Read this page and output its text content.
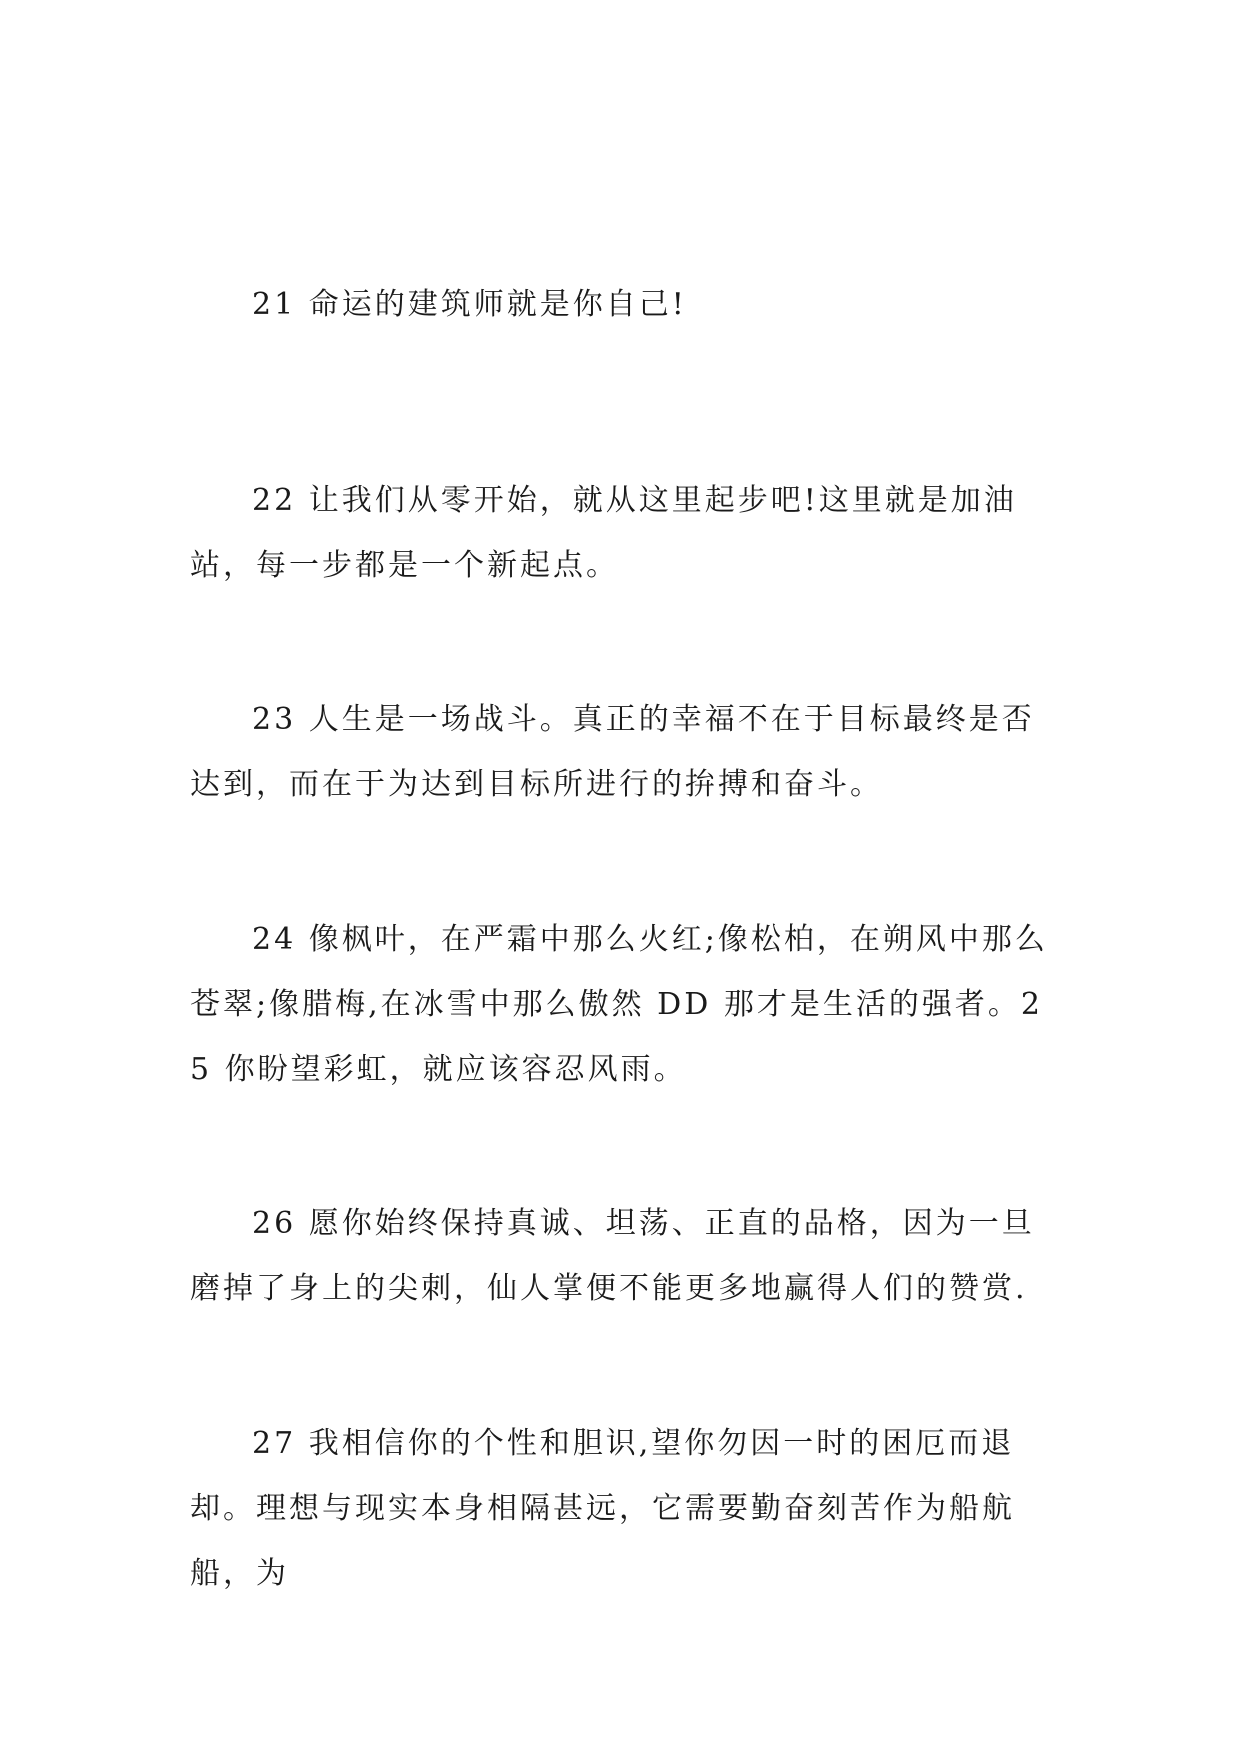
21 命运的建筑师就是你自己!

22 让我们从零开始，就从这里起步吧!这里就是加油站，每一步都是一个新起点。

23 人生是一场战斗。真正的幸福不在于目标最终是否达到，而在于为达到目标所进行的拚搏和奋斗。

24 像枫叶，在严霜中那么火红;像松柏，在朔风中那么苍翠;像腊梅,在冰雪中那么傲然 DD 那才是生活的强者。25 你盼望彩虹，就应该容忍风雨。

26 愿你始终保持真诚、坦荡、正直的品格，因为一旦磨掉了身上的尖刺，仙人掌便不能更多地赢得人们的赞赏.

27 我相信你的个性和胆识,望你勿因一时的困厄而退却。理想与现实本身相隔甚远，它需要勤奋刻苦作为船航船，为
